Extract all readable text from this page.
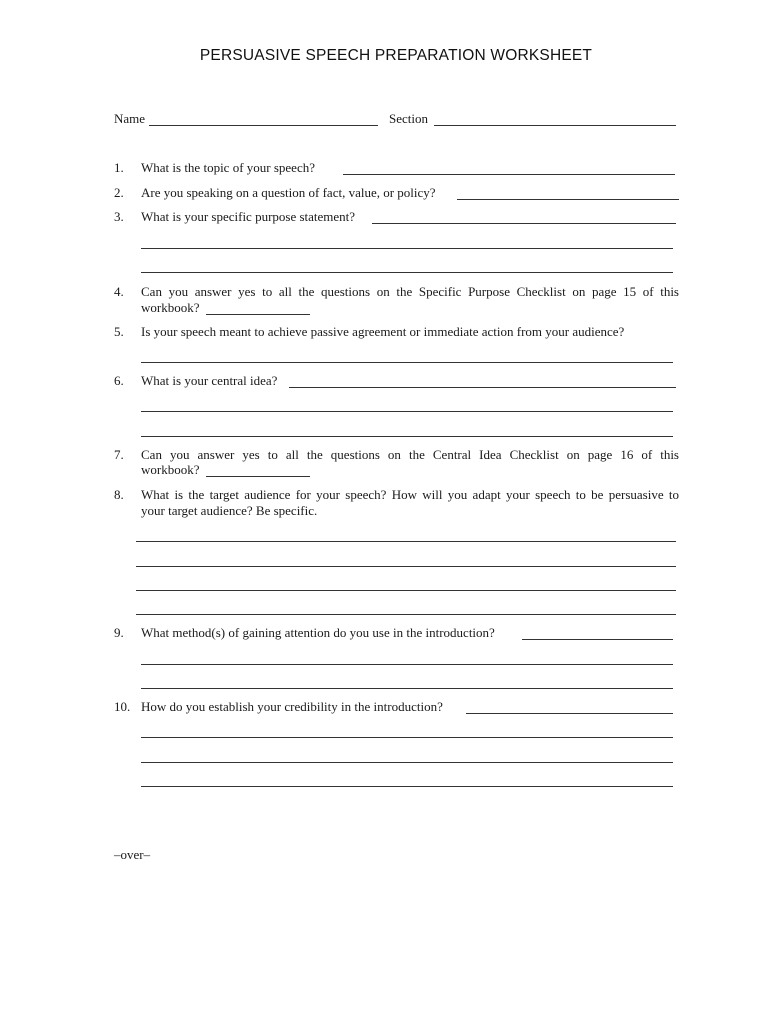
PERSUASIVE SPEECH PREPARATION WORKSHEET
Name	Section
1. What is the topic of your speech?
2. Are you speaking on a question of fact, value, or policy?
3. What is your specific purpose statement?
4. Can you answer yes to all the questions on the Specific Purpose Checklist on page 15 of this
workbook?
5. Is your speech meant to achieve passive agreement or immediate action from your audience?
6. What is your central idea?
7. Can you answer yes to all the questions on the Central Idea Checklist on page 16 of this
workbook?
8. What is the target audience for your speech? How will you adapt your speech to be persuasive to
your target audience? Be specific.
9. What method(s) of gaining attention do you use in the introduction?
10. How do you establish your credibility in the introduction?
–over–
